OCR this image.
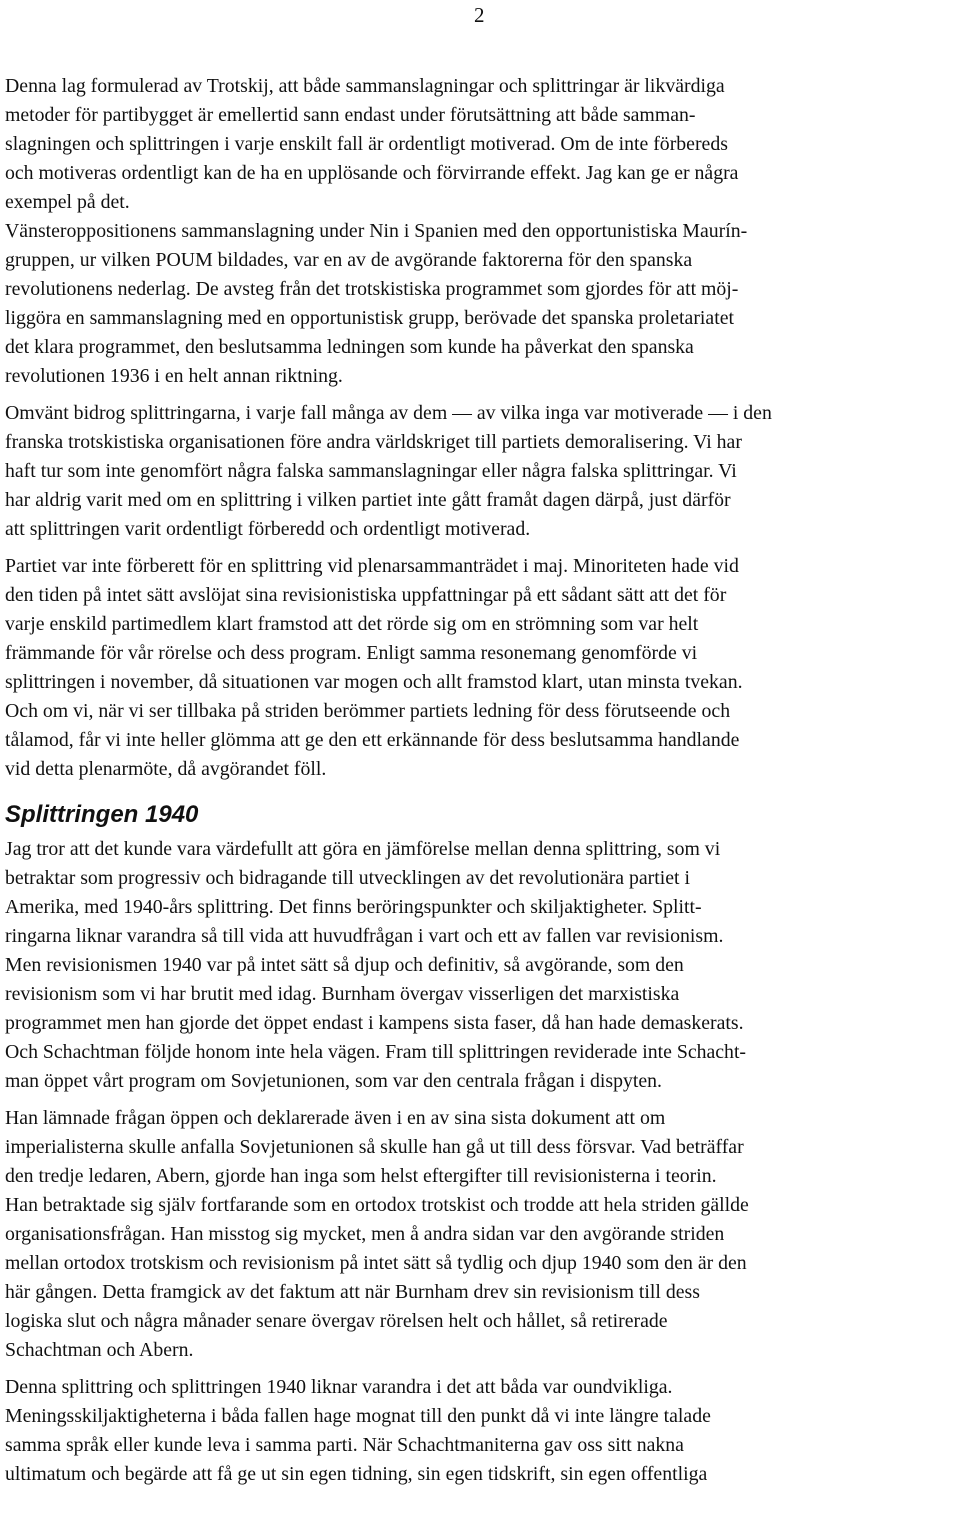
2

Denna lag formulerad av Trotskij, att både sammanslagningar och splittringar är likvärdiga
metoder för partibygget är emellertid sann endast under förutsättning att både samman-
slagningen och splittringen i varje enskilt fall är ordentligt motiverad. Om de inte förbereds
och motiveras ordentligt kan de ha en upplösande och förvirrande effekt. Jag kan ge er några
exempel på det.

Vänsteroppositionens sammanslagning under Nin i Spanien med den opportunistiska Maurín-
gruppen, ur vilken POUM bildades, var en av de avgörande faktorerna för den spanska
revolutionens nederlag. De avsteg från det trotskistiska programmet som gjordes för att möj-
liggöra en sammanslagning med en opportunistisk grupp, berövade det spanska proletariatet
det klara programmet, den beslutsamma ledningen som kunde ha påverkat den spanska
revolutionen 1936 i en helt annan riktning.

Omvänt bidrog splittringarna, i varje fall många av dem — av vilka inga var motiverade — i den
franska trotskistiska organisationen före andra världskriget till partiets demoralisering. Vi har
haft tur som inte genomfört några falska sammanslagningar eller några falska splittringar. Vi
har aldrig varit med om en splittring i vilken partiet inte gått framåt dagen därpå, just därför
att splittringen varit ordentligt förberedd och ordentligt motiverad.

Partiet var inte förberett för en splittring vid plenarsammanträdet i maj. Minoriteten hade vid
den tiden på intet sätt avslöjat sina revisionistiska uppfattningar på ett sådant sätt att det för
varje enskild partimedlem klart framstod att det rörde sig om en strömning som var helt
främmande för vår rörelse och dess program. Enligt samma resonemang genomförde vi
splittringen i november, då situationen var mogen och allt framstod klart, utan minsta tvekan.
Och om vi, när vi ser tillbaka på striden berömmer partiets ledning för dess förutseende och
tålamod, får vi inte heller glömma att ge den ett erkännande för dess beslutsamma handlande
vid detta plenarmöte, då avgörandet föll.

Splittringen 1940

Jag tror att det kunde vara värdefullt att göra en jämförelse mellan denna splittring, som vi
betraktar som progressiv och bidragande till utvecklingen av det revolutionära partiet i
Amerika, med 1940-års splittring. Det finns beröringspunkter och skiljaktigheter. Splitt-
ringarna liknar varandra så till vida att huvudfrågan i vart och ett av fallen var revisionism.
Men revisionismen 1940 var på intet sätt så djup och definitiv, så avgörande, som den
revisionism som vi har brutit med idag. Burnham övergav visserligen det marxistiska
programmet men han gjorde det öppet endast i kampens sista faser, då han hade demaskerats.
Och Schachtman följde honom inte hela vägen. Fram till splittringen reviderade inte Schacht-
man öppet vårt program om Sovjetunionen, som var den centrala frågan i dispyten.

Han lämnade frågan öppen och deklarerade även i en av sina sista dokument att om
imperialisterna skulle anfalla Sovjetunionen så skulle han gå ut till dess försvar. Vad beträffar
den tredje ledaren, Abern, gjorde han inga som helst eftergifter till revisionisterna i teorin.
Han betraktade sig själv fortfarande som en ortodox trotskist och trodde att hela striden gällde
organisationsfrågan. Han misstog sig mycket, men å andra sidan var den avgörande striden
mellan ortodox trotskism och revisionism på intet sätt så tydlig och djup 1940 som den är den
här gången. Detta framgick av det faktum att när Burnham drev sin revisionism till dess
logiska slut och några månader senare övergav rörelsen helt och hållet, så retirerade
Schachtman och Abern.

Denna splittring och splittringen 1940 liknar varandra i det att båda var oundvikliga.
Meningsskiljaktigheterna i båda fallen hage mognat till den punkt då vi inte längre talade
samma språk eller kunde leva i samma parti. När Schachtmaniterna gav oss sitt nakna
ultimatum och begärde att få ge ut sin egen tidning, sin egen tidskrift, sin egen offentliga
